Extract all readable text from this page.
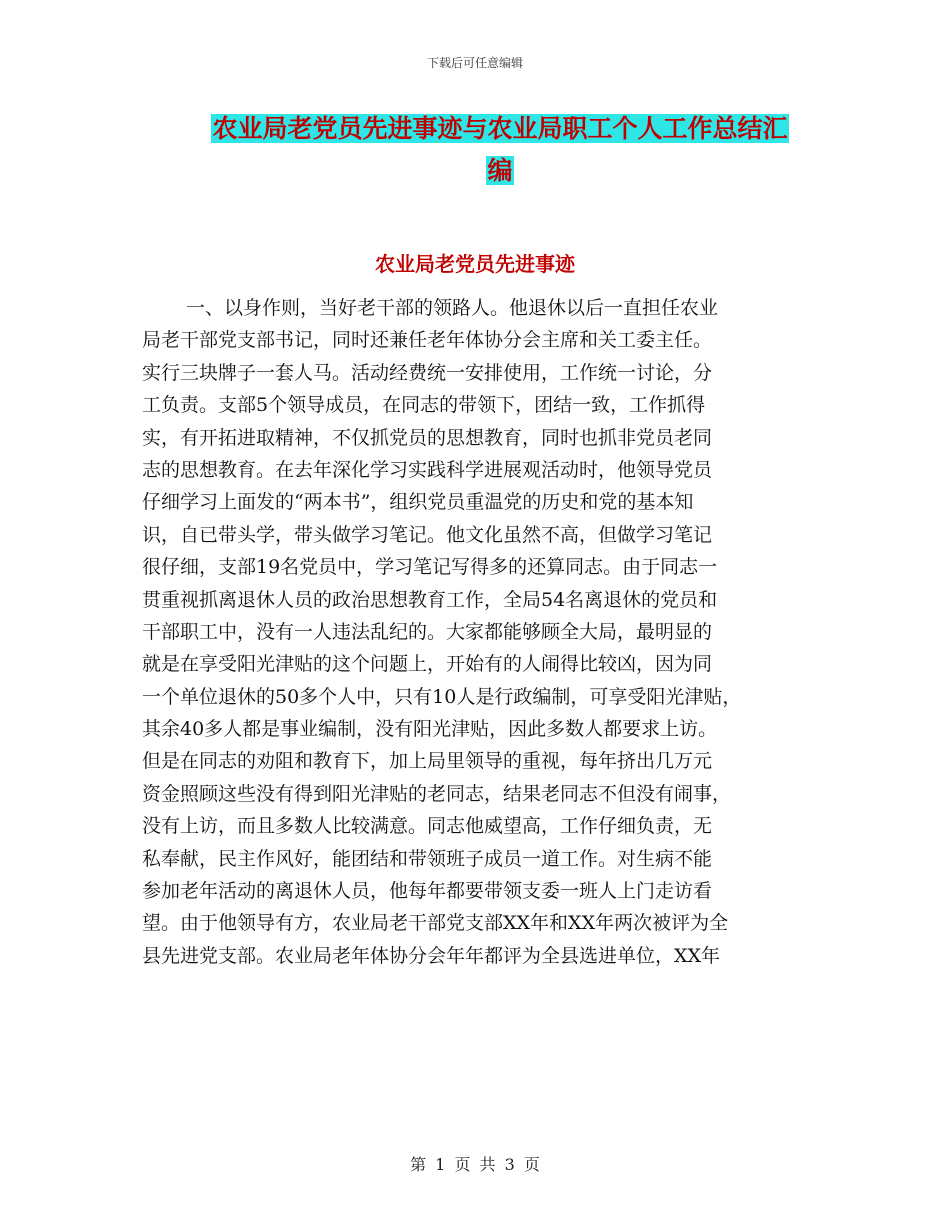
下载后可任意编辑
农业局老党员先进事迹与农业局职工个人工作总结汇
编
农业局老党员先进事迹
一、以身作则，当好老干部的领路人。他退休以后一直担任农业
局老干部党支部书记，同时还兼任老年体协分会主席和关工委主任。
实行三块牌子一套人马。活动经费统一安排使用，工作统一讨论，分
工负责。支部5个领导成员，在同志的带领下，团结一致，工作抓得
实，有开拓进取精神，不仅抓党员的思想教育，同时也抓非党员老同
志的思想教育。在去年深化学习实践科学进展观活动时，他领导党员
仔细学习上面发的“两本书”，组织党员重温党的历史和党的基本知
识，自已带头学，带头做学习笔记。他文化虽然不高，但做学习笔记
很仔细，支部19名党员中，学习笔记写得多的还算同志。由于同志一
贯重视抓离退休人员的政治思想教育工作，全局54名离退休的党员和
干部职工中，没有一人违法乱纪的。大家都能够顾全大局，最明显的
就是在享受阳光津贴的这个问题上，开始有的人闹得比较凶，因为同
一个单位退休的50多个人中，只有10人是行政编制，可享受阳光津贴，
其余40多人都是事业编制，没有阳光津贴，因此多数人都要求上访。
但是在同志的劝阻和教育下，加上局里领导的重视，每年挤出几万元
资金照顾这些没有得到阳光津贴的老同志，结果老同志不但没有闹事，
没有上访，而且多数人比较满意。同志他威望高，工作仔细负责，无
私奉献，民主作风好，能团结和带领班子成员一道工作。对生病不能
参加老年活动的离退休人员，他每年都要带领支委一班人上门走访看
望。由于他领导有方，农业局老干部党支部XX年和XX年两次被评为全
县先进党支部。农业局老年体协分会年年都评为全县选进单位，XX年
第 1 页 共 3 页
